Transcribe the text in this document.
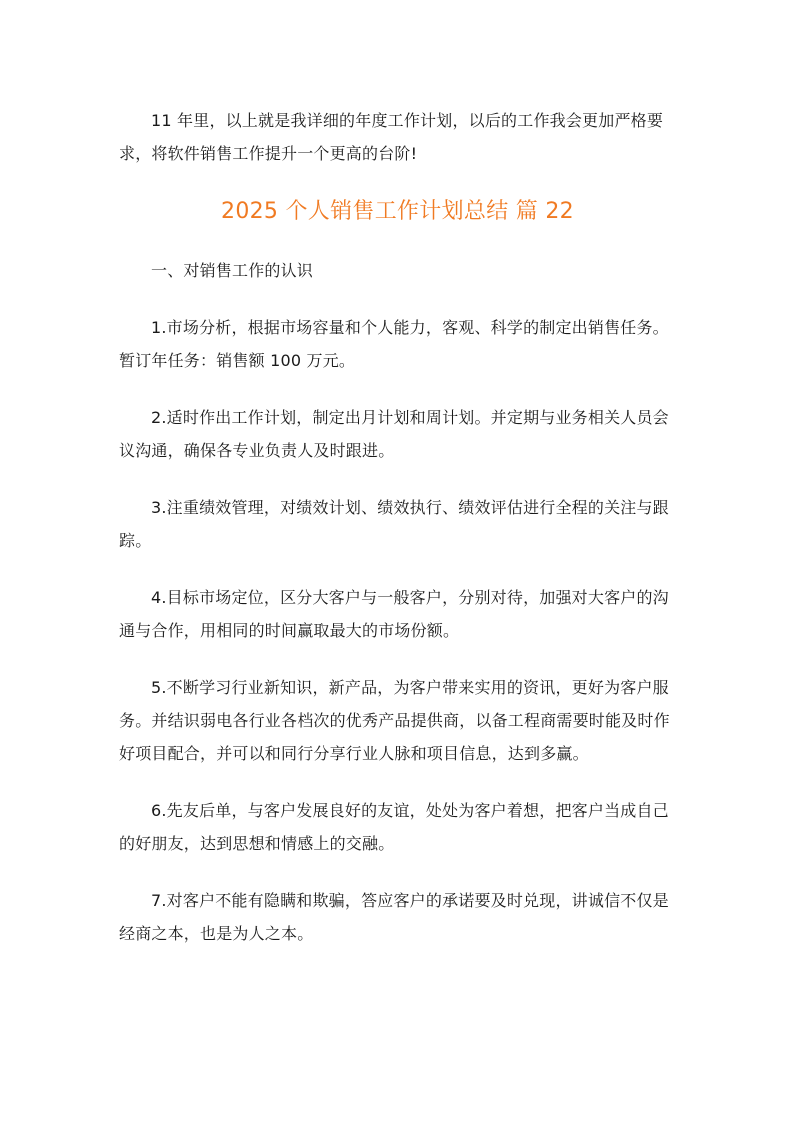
11 年里，以上就是我详细的年度工作计划，以后的工作我会更加严格要求，将软件销售工作提升一个更高的台阶!

2025 个人销售工作计划总结 篇 22

一、对销售工作的认识

1.市场分析，根据市场容量和个人能力，客观、科学的制定出销售任务。暂订年任务：销售额 100 万元。

2.适时作出工作计划，制定出月计划和周计划。并定期与业务相关人员会议沟通，确保各专业负责人及时跟进。

3.注重绩效管理，对绩效计划、绩效执行、绩效评估进行全程的关注与跟踪。

4.目标市场定位，区分大客户与一般客户，分别对待，加强对大客户的沟通与合作，用相同的时间赢取最大的市场份额。

5.不断学习行业新知识，新产品，为客户带来实用的资讯，更好为客户服务。并结识弱电各行业各档次的优秀产品提供商，以备工程商需要时能及时作好项目配合，并可以和同行分享行业人脉和项目信息，达到多赢。

6.先友后单，与客户发展良好的友谊，处处为客户着想，把客户当成自己的好朋友，达到思想和情感上的交融。

7.对客户不能有隐瞒和欺骗，答应客户的承诺要及时兑现，讲诚信不仅是经商之本，也是为人之本。
